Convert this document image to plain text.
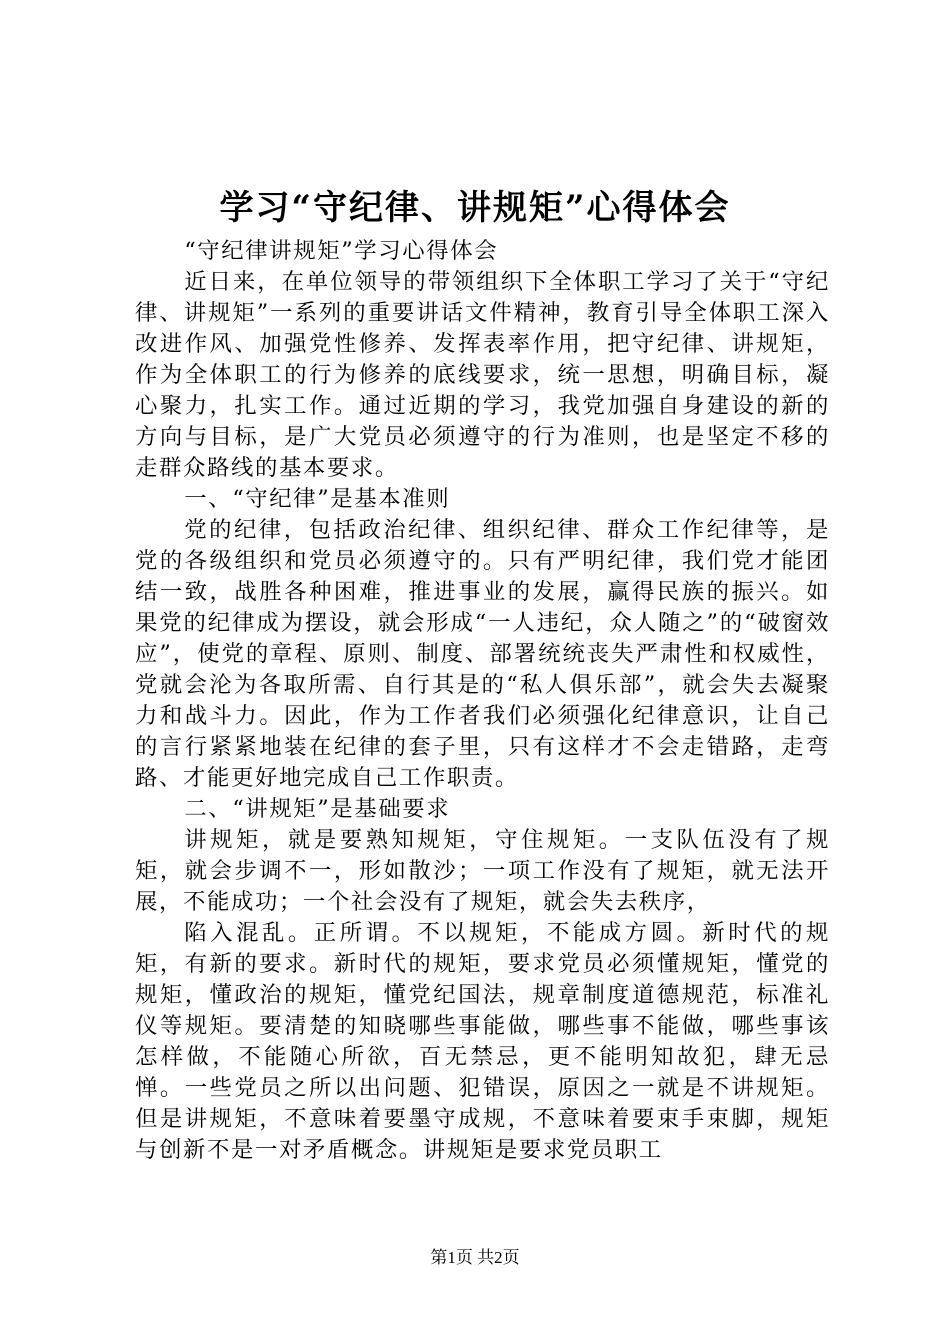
学习“守纪律、讲规矩”心得体会

“守纪律讲规矩”学习心得体会

近日来，在单位领导的带领组织下全体职工学习了关于“守纪律、讲规矩”一系列的重要讲话文件精神，教育引导全体职工深入改进作风、加强党性修养、发挥表率作用，把守纪律、讲规矩，作为全体职工的行为修养的底线要求，统一思想，明确目标，凝心聚力，扎实工作。通过近期的学习，我党加强自身建设的新的方向与目标，是广大党员必须遵守的行为准则，也是坚定不移的走群众路线的基本要求。

一、“守纪律”是基本准则

党的纪律，包括政治纪律、组织纪律、群众工作纪律等，是党的各级组织和党员必须遵守的。只有严明纪律，我们党才能团结一致，战胜各种困难，推进事业的发展，赢得民族的振兴。如果党的纪律成为摆设，就会形成“一人违纪，众人随之”的“破窗效应”，使党的章程、原则、制度、部署统统丧失严肃性和权威性，党就会沦为各取所需、自行其是的“私人俱乐部”，就会失去凝聚力和战斗力。因此，作为工作者我们必须强化纪律意识，让自己的言行紧紧地装在纪律的套子里，只有这样才不会走错路，走弯路、才能更好地完成自己工作职责。

二、“讲规矩”是基础要求

讲规矩，就是要熟知规矩，守住规矩。一支队伍没有了规矩，就会步调不一，形如散沙；一项工作没有了规矩，就无法开展，不能成功；一个社会没有了规矩，就会失去秩序，

陷入混乱。正所谓。不以规矩，不能成方圆。新时代的规矩，有新的要求。新时代的规矩，要求党员必须懂规矩，懂党的规矩，懂政治的规矩，懂党纪国法，规章制度道德规范，标准礼仪等规矩。要清楚的知晓哪些事能做，哪些事不能做，哪些事该怎样做，不能随心所欲，百无禁忌，更不能明知故犯，肆无忌惮。一些党员之所以出问题、犯错误，原因之一就是不讲规矩。但是讲规矩，不意味着要墨守成规，不意味着要束手束脚，规矩与创新不是一对矛盾概念。讲规矩是要求党员职工

第1页 共2页
